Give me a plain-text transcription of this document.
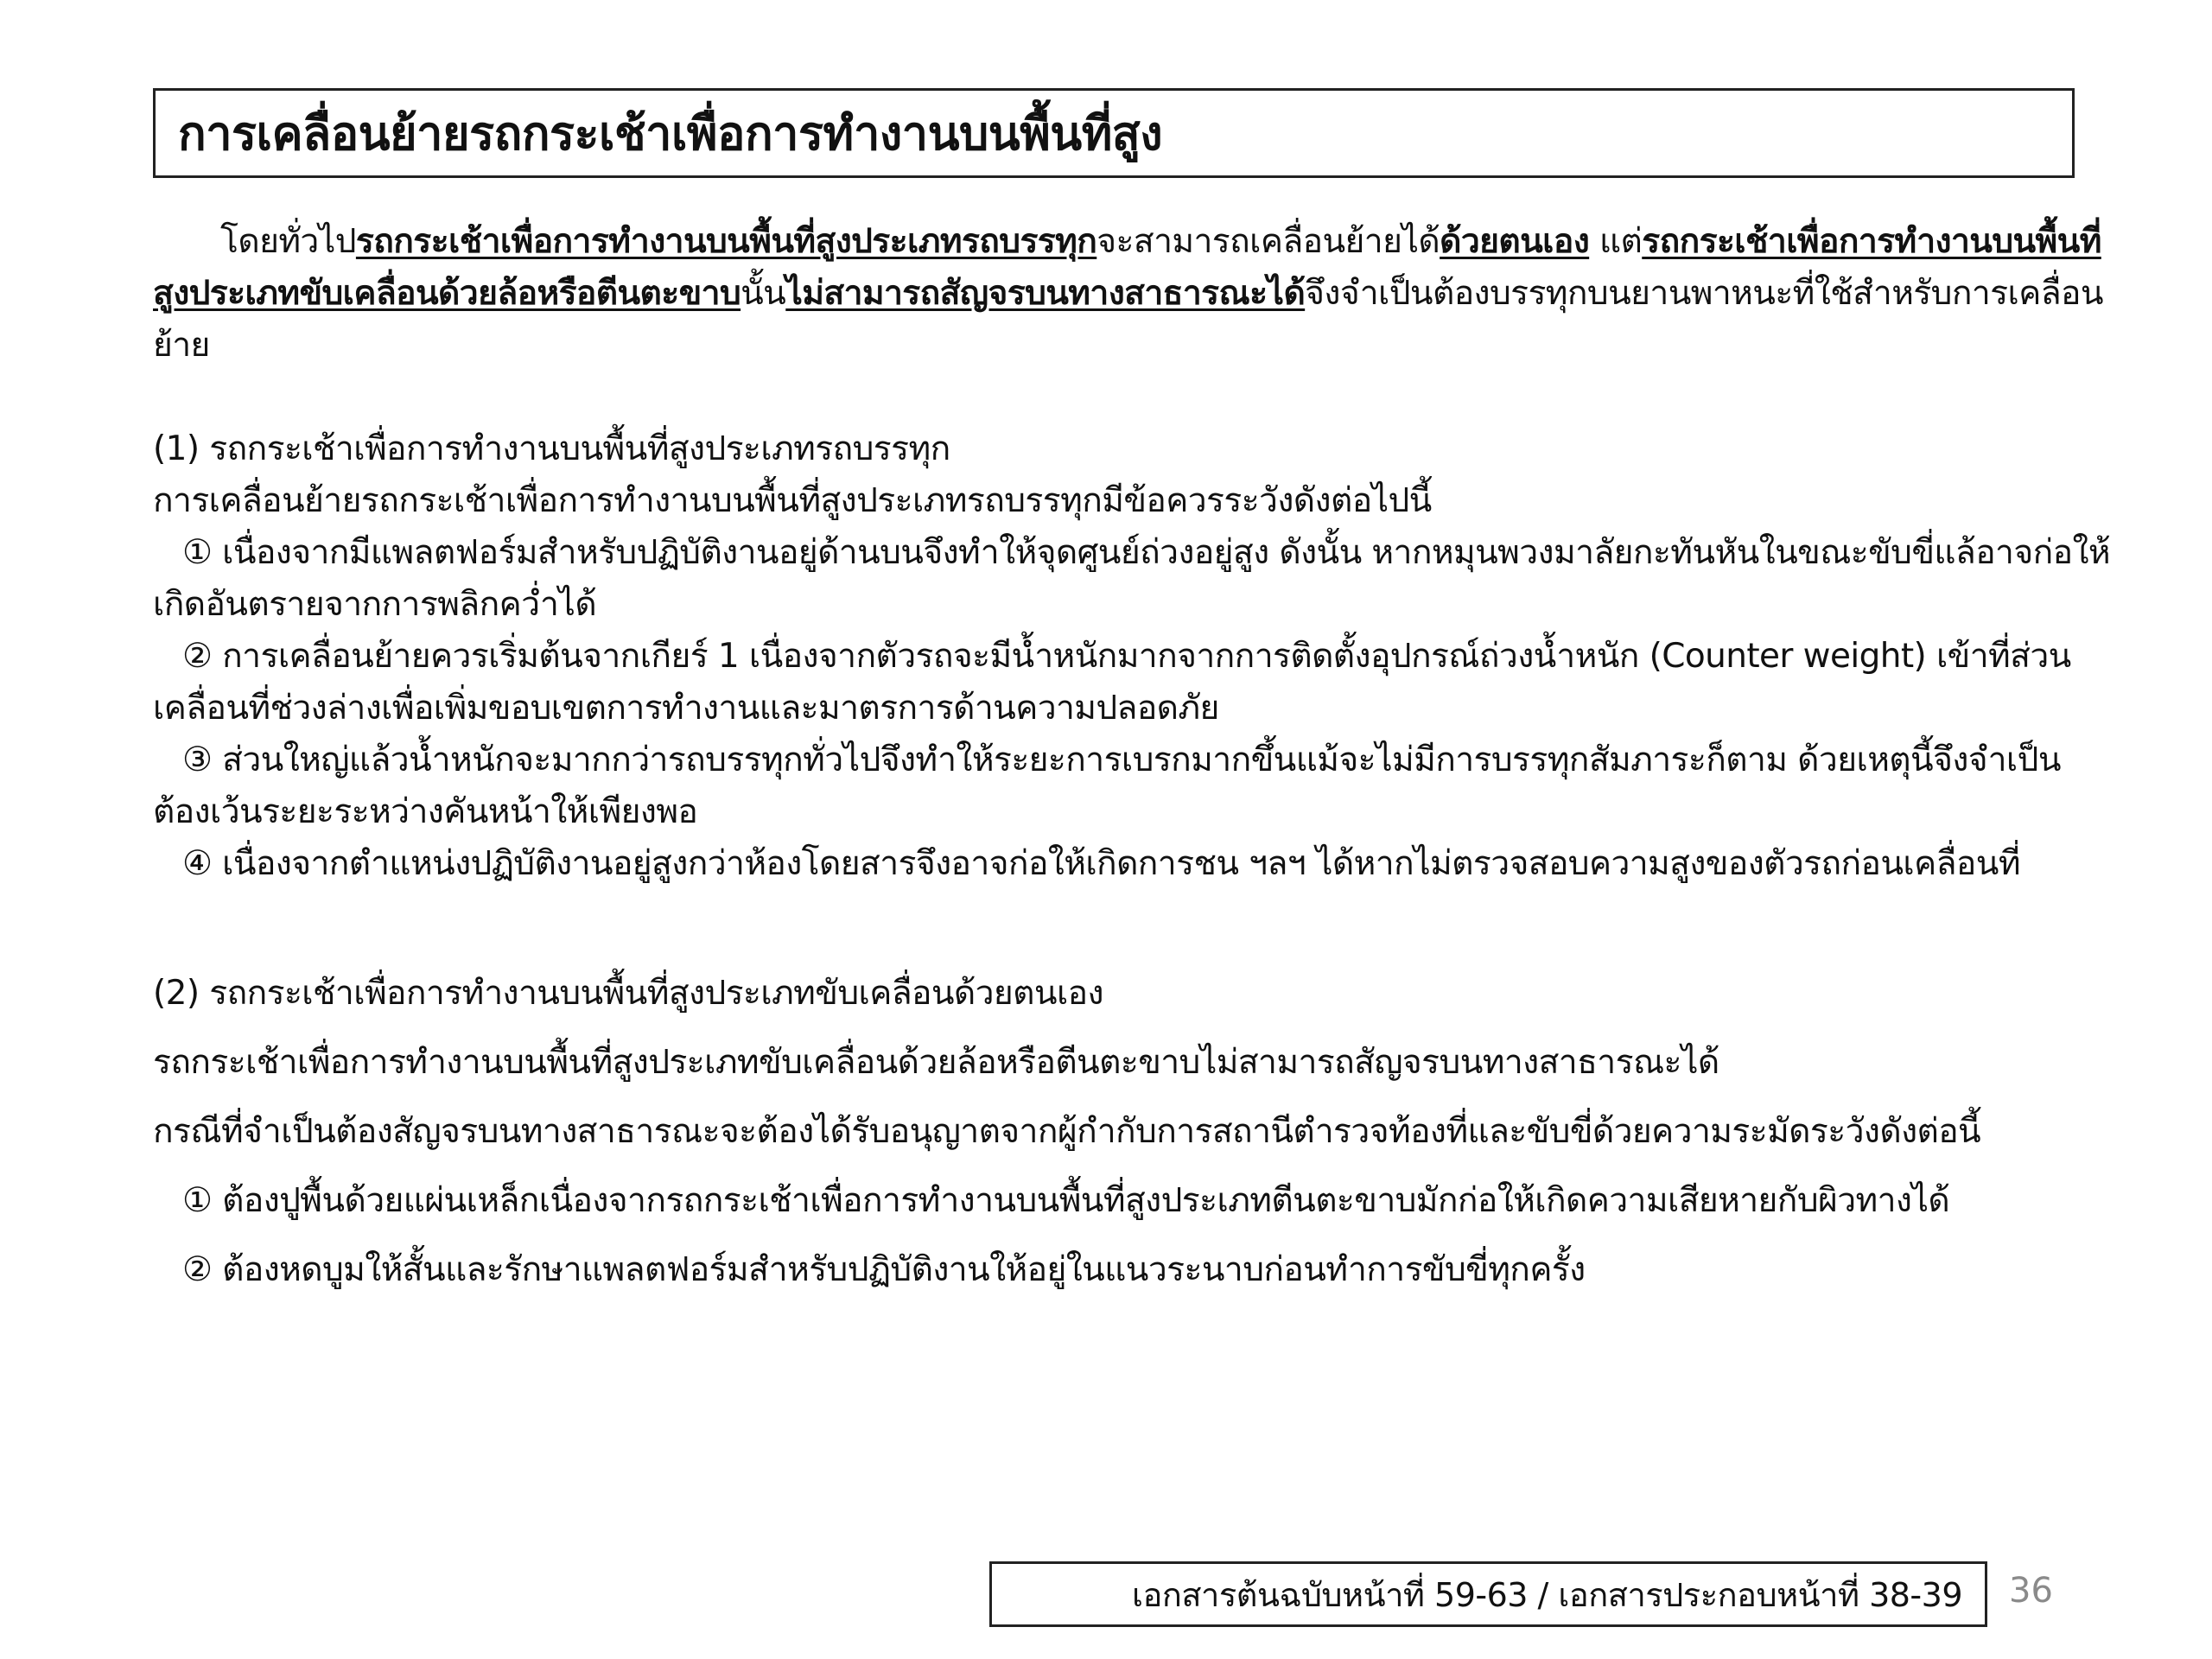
การเคลื่อนย้ายรถกระเช้าเพื่อการทำงานบนพื้นที่สูง

โดยทั่วไปรถกระเช้าเพื่อการทำงานบนพื้นที่สูงประเภทรถบรรทุกจะสามารถเคลื่อนย้ายได้ด้วยตนเอง แต่รถกระเช้าเพื่อการทำงานบนพื้นที่สูงประเภทขับเคลื่อนด้วยล้อหรือตีนตะขาบนั้นไม่สามารถสัญจรบนทางสาธารณะได้จึงจำเป็นต้องบรรทุกบนยานพาหนะที่ใช้สำหรับการเคลื่อนย้าย

(1) รถกระเช้าเพื่อการทำงานบนพื้นที่สูงประเภทรถบรรทุก

การเคลื่อนย้ายรถกระเช้าเพื่อการทำงานบนพื้นที่สูงประเภทรถบรรทุกมีข้อควรระวังดังต่อไปนี้

① เนื่องจากมีแพลตฟอร์มสำหรับปฏิบัติงานอยู่ด้านบนจึงทำให้จุดศูนย์ถ่วงอยู่สูง ดังนั้น หากหมุนพวงมาลัยกะทันหันในขณะขับขี่แล้อาจก่อให้เกิดอันตรายจากการพลิกคว่ำได้

② การเคลื่อนย้ายควรเริ่มต้นจากเกียร์ 1 เนื่องจากตัวรถจะมีน้ำหนักมากจากการติดตั้งอุปกรณ์ถ่วงน้ำหนัก (Counter weight) เข้าที่ส่วนเคลื่อนที่ช่วงล่างเพื่อเพิ่มขอบเขตการทำงานและมาตรการด้านความปลอดภัย

③ ส่วนใหญ่แล้วน้ำหนักจะมากกว่ารถบรรทุกทั่วไปจึงทำให้ระยะการเบรกมากขึ้นแม้จะไม่มีการบรรทุกสัมภาระก็ตาม ด้วยเหตุนี้จึงจำเป็นต้องเว้นระยะระหว่างคันหน้าให้เพียงพอ

④ เนื่องจากตำแหน่งปฏิบัติงานอยู่สูงกว่าห้องโดยสารจึงอาจก่อให้เกิดการชน ฯลฯ ได้หากไม่ตรวจสอบความสูงของตัวรถก่อนเคลื่อนที่

(2) รถกระเช้าเพื่อการทำงานบนพื้นที่สูงประเภทขับเคลื่อนด้วยตนเอง

รถกระเช้าเพื่อการทำงานบนพื้นที่สูงประเภทขับเคลื่อนด้วยล้อหรือตีนตะขาบไม่สามารถสัญจรบนทางสาธารณะได้

กรณีที่จำเป็นต้องสัญจรบนทางสาธารณะจะต้องได้รับอนุญาตจากผู้กำกับการสถานีตำรวจท้องที่และขับขี่ด้วยความระมัดระวังดังต่อนี้

① ต้องปูพื้นด้วยแผ่นเหล็กเนื่องจากรถกระเช้าเพื่อการทำงานบนพื้นที่สูงประเภทตีนตะขาบมักก่อให้เกิดความเสียหายกับผิวทางได้

② ต้องหดบูมให้สั้นและรักษาแพลตฟอร์มสำหรับปฏิบัติงานให้อยู่ในแนวระนาบก่อนทำการขับขี่ทุกครั้ง

เอกสารต้นฉบับหน้าที่ 59-63 / เอกสารประกอบหน้าที่ 38-39 36
